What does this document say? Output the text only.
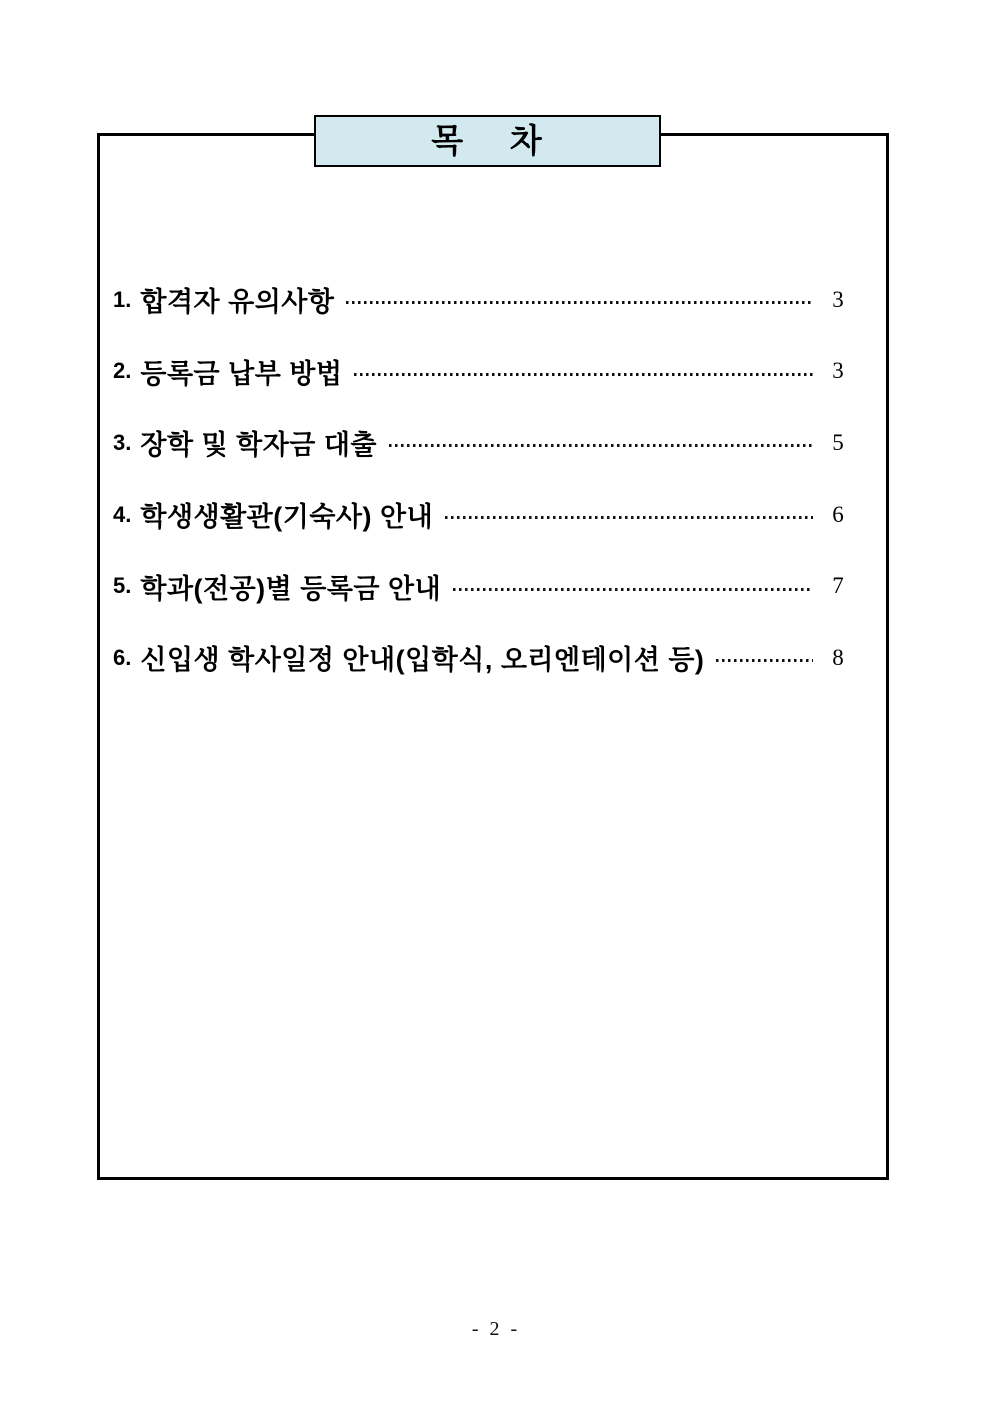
목    차
1. 합격자 유의사항	3
2. 등록금 납부 방법	3
3. 장학 및 학자금 대출	5
4. 학생생활관(기숙사) 안내	6
5. 학과(전공)별 등록금 안내	7
6. 신입생 학사일정 안내(입학식, 오리엔테이션 등)	8
- 2 -
